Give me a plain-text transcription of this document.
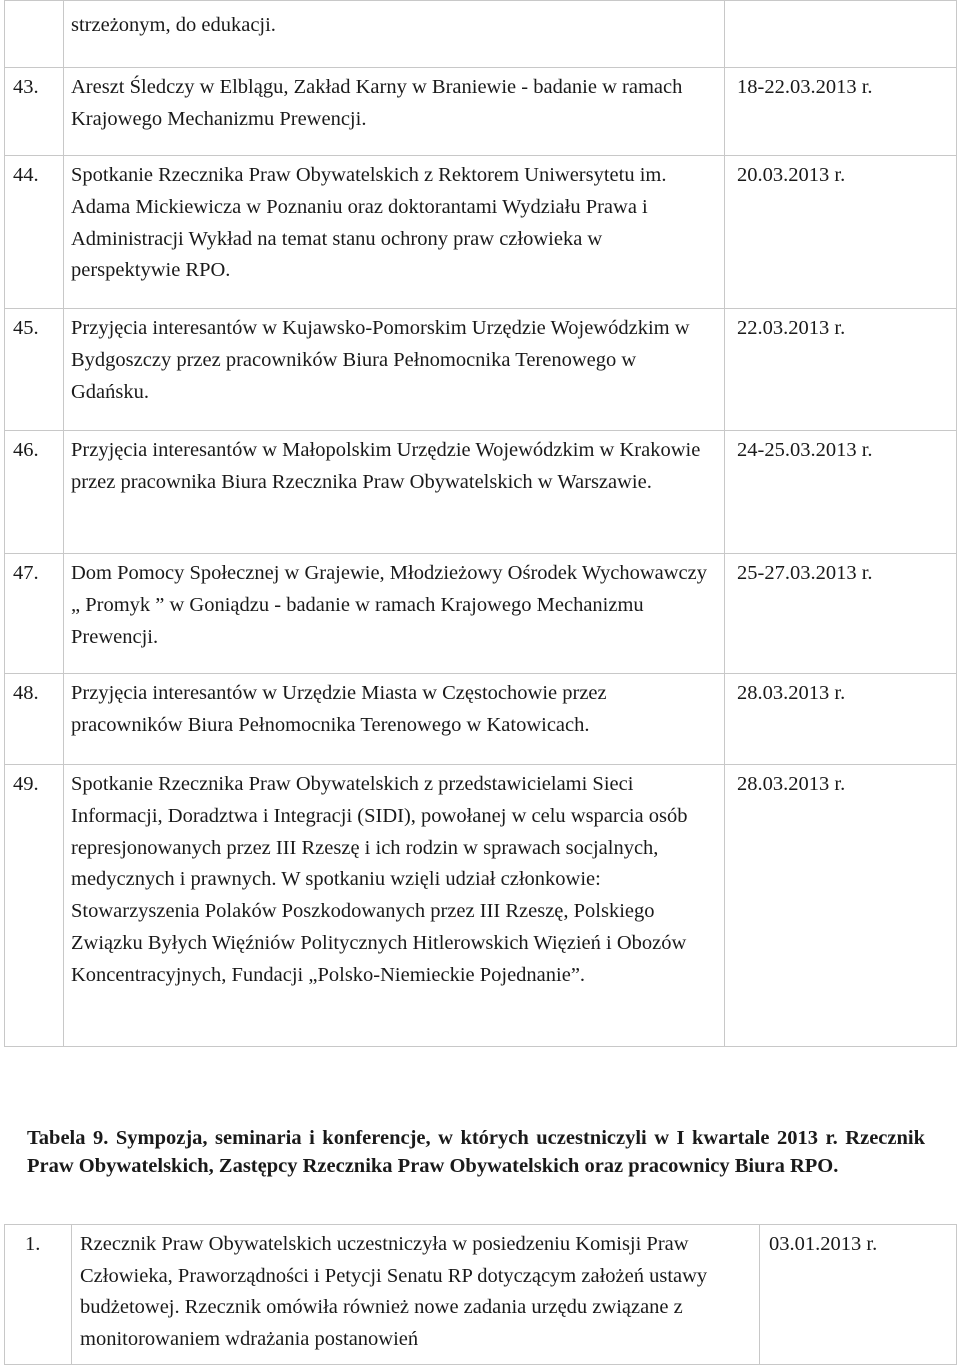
	strzeżonym, do edukacji.	
43.	Areszt Śledczy w Elblągu, Zakład Karny w Braniewie - badanie w ramach Krajowego Mechanizmu Prewencji.	18-22.03.2013 r.
44.	Spotkanie Rzecznika Praw Obywatelskich z Rektorem Uniwersytetu im. Adama Mickiewicza w Poznaniu oraz doktorantami Wydziału Prawa i Administracji Wykład na temat stanu ochrony praw człowieka w perspektywie RPO.	20.03.2013 r.
45.	Przyjęcia interesantów w Kujawsko-Pomorskim Urzędzie Wojewódzkim w Bydgoszczy przez pracowników Biura Pełnomocnika Terenowego w Gdańsku.	22.03.2013 r.
46.	Przyjęcia interesantów w Małopolskim Urzędzie Wojewódzkim w Krakowie przez pracownika Biura Rzecznika Praw Obywatelskich w Warszawie.	24-25.03.2013 r.
47.	Dom Pomocy Społecznej w Grajewie, Młodzieżowy Ośrodek Wychowawczy „ Promyk ” w Goniądzu - badanie w ramach Krajowego Mechanizmu Prewencji.	25-27.03.2013 r.
48.	Przyjęcia interesantów w Urzędzie Miasta w Częstochowie przez pracowników Biura Pełnomocnika Terenowego w Katowicach.	28.03.2013 r.
49.	Spotkanie Rzecznika Praw Obywatelskich z przedstawicielami Sieci Informacji, Doradztwa i Integracji (SIDI), powołanej w celu wsparcia osób represjonowanych przez III Rzeszę i ich rodzin w sprawach socjalnych, medycznych i prawnych. W spotkaniu wzięli udział członkowie: Stowarzyszenia Polaków Poszkodowanych przez III Rzeszę, Polskiego Związku Byłych Więźniów Politycznych Hitlerowskich Więzień i Obozów Koncentracyjnych, Fundacji „Polsko-Niemieckie Pojednanie”.	28.03.2013 r.
Tabela 9. Sympozja, seminaria i konferencje, w których uczestniczyli w I kwartale 2013 r. Rzecznik Praw Obywatelskich, Zastępcy Rzecznika Praw Obywatelskich oraz pracownicy Biura RPO.
1.	Rzecznik Praw Obywatelskich uczestniczyła w posiedzeniu Komisji Praw Człowieka, Praworządności i Petycji Senatu RP dotyczącym założeń ustawy budżetowej. Rzecznik omówiła również nowe zadania urzędu związane z monitorowaniem wdrażania postanowień	03.01.2013 r.
